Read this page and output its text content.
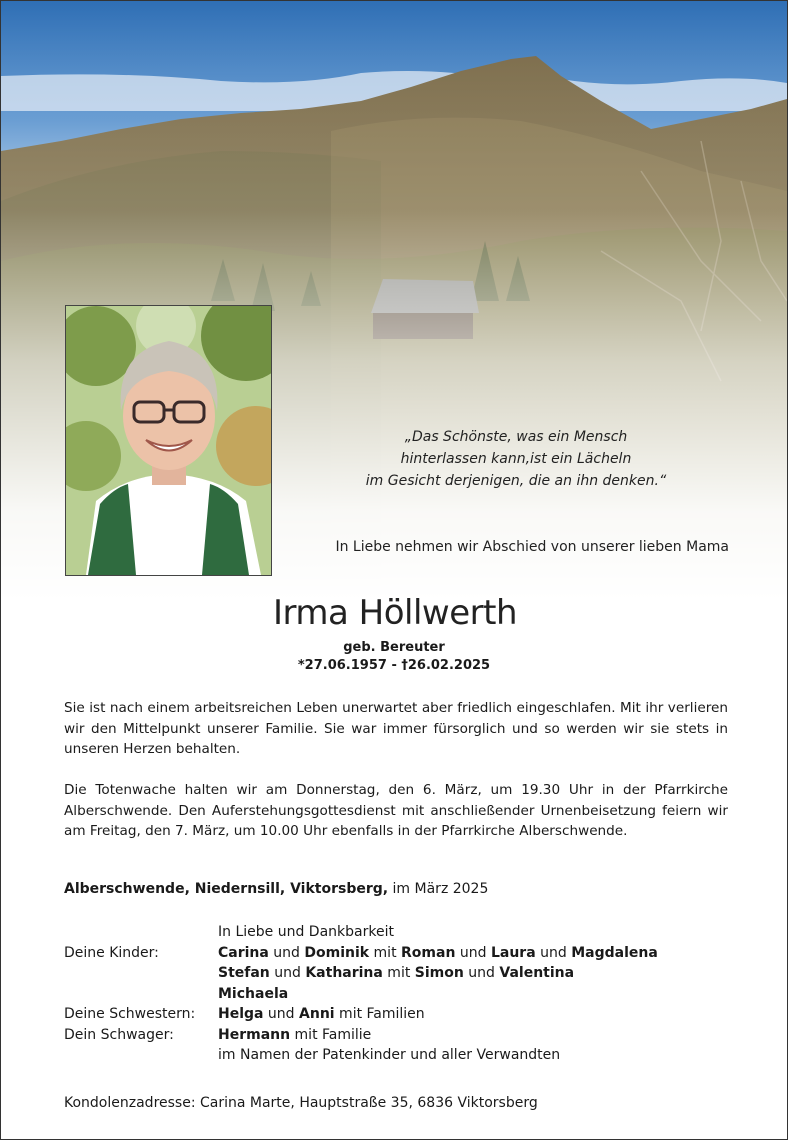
„Das Schönste, was ein Mensch
hinterlassen kann,ist ein Lächeln
im Gesicht derjenigen, die an ihn denken.“
In Liebe nehmen wir Abschied von unserer lieben Mama
Irma Höllwerth
geb. Bereuter
*27.06.1957 - †26.02.2025
Sie ist nach einem arbeitsreichen Leben unerwartet aber friedlich eingeschlafen. Mit ihr verlieren wir den Mittelpunkt unserer Familie. Sie war immer fürsorglich und so werden wir sie stets in unseren Herzen behalten.
Die Totenwache halten wir am Donnerstag, den 6. März, um 19.30 Uhr in der Pfarrkirche Alberschwende. Den Auferstehungsgottesdienst mit anschließender Urnenbeisetzung feiern wir am Freitag, den 7. März, um 10.00 Uhr ebenfalls in der Pfarrkirche Alberschwende.
Alberschwende, Niedernsill, Viktorsberg, im März 2025
In Liebe und Dankbarkeit
Deine Kinder:	Carina und Dominik mit Roman und Laura und Magdalena
Stefan und Katharina mit Simon und Valentina
Michaela
Deine Schwestern:	Helga und Anni mit Familien
Dein Schwager:	Hermann mit Familie
im Namen der Patenkinder und aller Verwandten
Kondolenzadresse: Carina Marte, Hauptstraße 35, 6836 Viktorsberg
